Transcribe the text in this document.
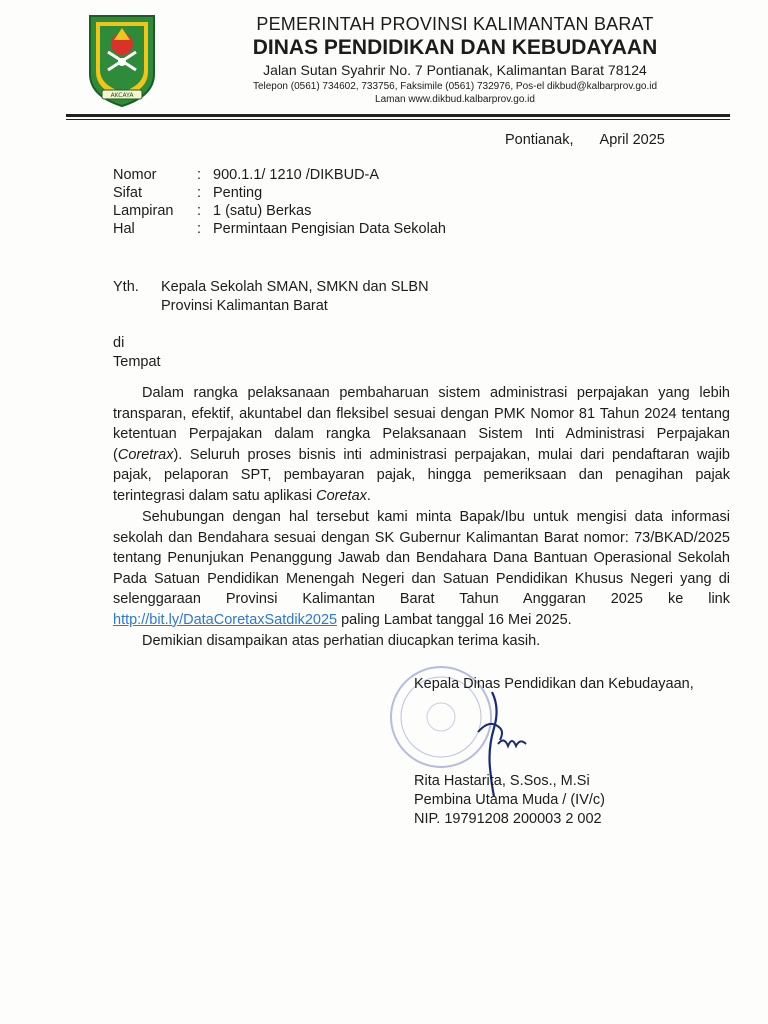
AKCAYA
PEMERINTAH PROVINSI KALIMANTAN BARAT
DINAS PENDIDIKAN DAN KEBUDAYAAN
Jalan Sutan Syahrir No. 7 Pontianak, Kalimantan Barat 78124
Telepon (0561) 734602, 733756, Faksimile (0561) 732976, Pos-el dikbud@kalbarprov.go.id
Laman www.dikbud.kalbarprov.go.id
Pontianak, April 2025
Nomor	: 900.1.1/ 1210 /DIKBUD-A
Sifat	: Penting
Lampiran	: 1 (satu) Berkas
Hal	: Permintaan Pengisian Data Sekolah
Yth.	Kepala Sekolah SMAN, SMKN dan SLBN
Provinsi Kalimantan Barat
di
Tempat

Dalam rangka pelaksanaan pembaharuan sistem administrasi perpajakan yang lebih transparan, efektif, akuntabel dan fleksibel sesuai dengan PMK Nomor 81 Tahun 2024 tentang ketentuan Perpajakan dalam rangka Pelaksanaan Sistem Inti Administrasi Perpajakan (Coretrax). Seluruh proses bisnis inti administrasi perpajakan, mulai dari pendaftaran wajib pajak, pelaporan SPT, pembayaran pajak, hingga pemeriksaan dan penagihan pajak terintegrasi dalam satu aplikasi Coretax.

Sehubungan dengan hal tersebut kami minta Bapak/Ibu untuk mengisi data informasi sekolah dan Bendahara sesuai dengan SK Gubernur Kalimantan Barat nomor: 73/BKAD/2025 tentang Penunjukan Penanggung Jawab dan Bendahara Dana Bantuan Operasional Sekolah Pada Satuan Pendidikan Menengah Negeri dan Satuan Pendidikan Khusus Negeri yang di selenggaraan Provinsi Kalimantan Barat Tahun Anggaran 2025 ke link http://bit.ly/DataCoretaxSatdik2025 paling Lambat tanggal 16 Mei 2025.

Demikian disampaikan atas perhatian diucapkan terima kasih.

Kepala Dinas Pendidikan dan Kebudayaan,
Rita Hastarita, S.Sos., M.Si
Pembina Utama Muda / (IV/c)
NIP. 19791208 200003 2 002
